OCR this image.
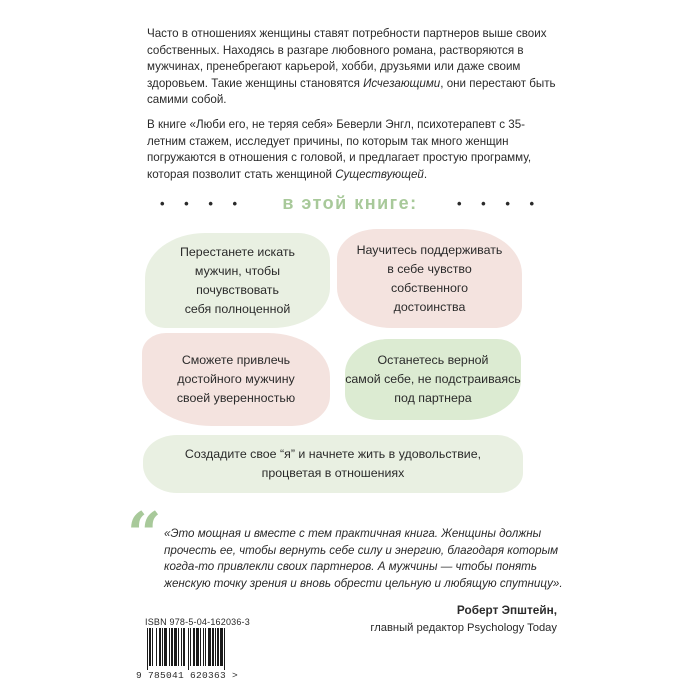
Часто в отношениях женщины ставят потребности партнеров выше своих собственных. Находясь в разгаре любовного романа, растворяются в мужчинах, пренебрегают карьерой, хобби, друзьями или даже своим здоровьем. Такие женщины становятся Исчезающими, они перестают быть самими собой.

В книге «Люби его, не теряя себя» Беверли Энгл, психотерапевт с 35-летним стажем, исследует причины, по которым так много женщин погружаются в отношения с головой, и предлагает простую программу, которая позволит стать женщиной Существующей.

• • • •	в этой книге:	• • • •
Перестанете искать
мужчин, чтобы
почувствовать
себя полноценной
Научитесь поддерживать
в себе чувство
собственного
достоинства
Сможете привлечь
достойного мужчину
своей уверенностью
Останетесь верной
самой себе, не подстраиваясь
под партнера
Создадите свое “я” и начнете жить в удовольствие,
процветая в отношениях
“ «Это мощная и вместе с тем практичная книга. Женщины должны прочесть ее, чтобы вернуть себе силу и энергию, благодаря которым когда-то привлекли своих партнеров. А мужчины — чтобы понять женскую точку зрения и вновь обрести цельную и любящую спутницу».

Роберт Эпштейн,
главный редактор Psychology Today
ISBN 978-5-04-162036-3
9 785041 620363 >
